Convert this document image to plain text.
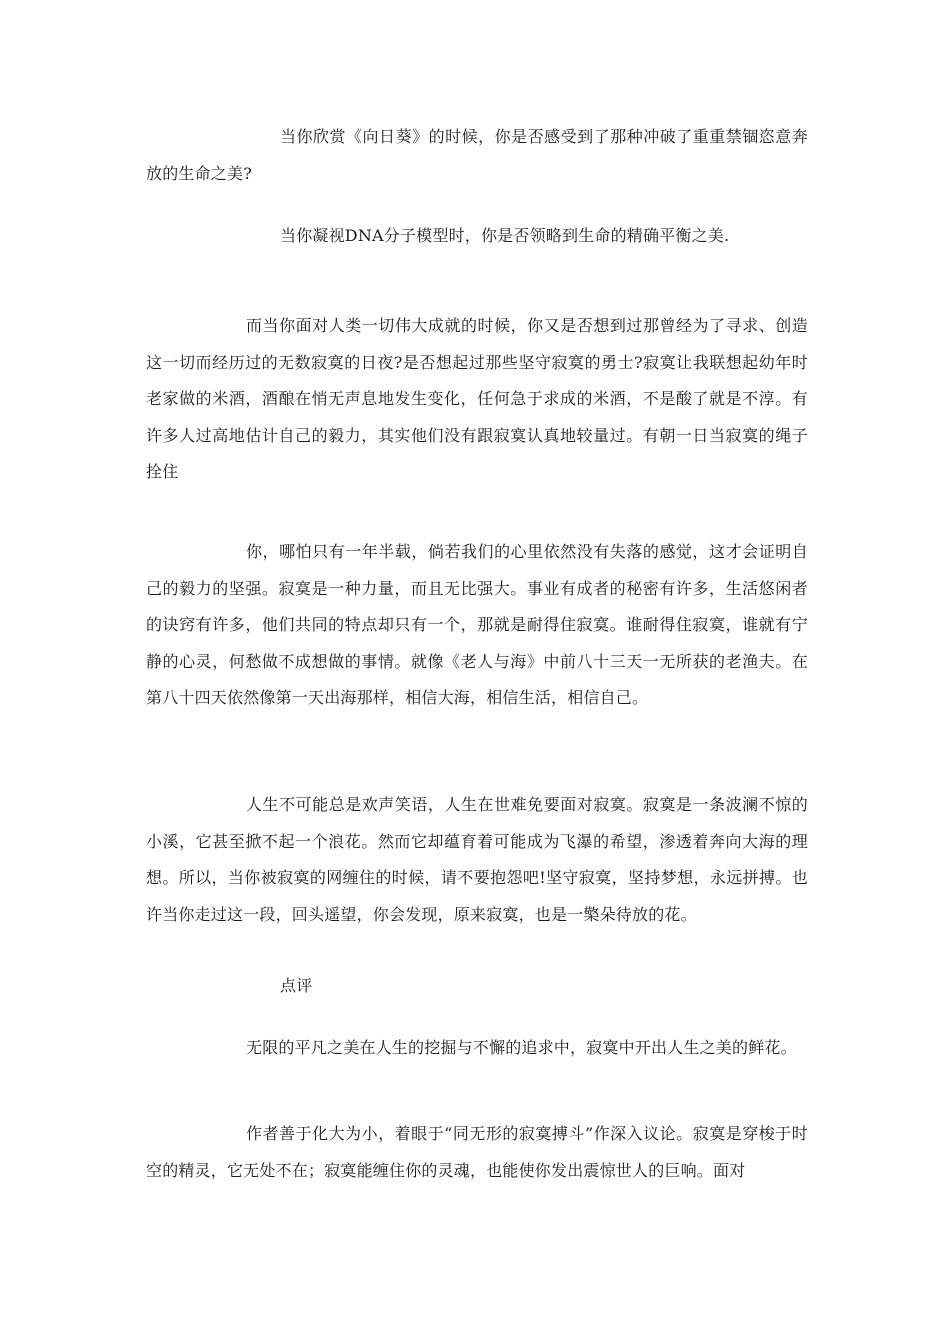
当你欣赏《向日葵》的时候，你是否感受到了那种冲破了重重禁锢恣意奔放的生命之美?

当你凝视DNA分子模型时，你是否领略到生命的精确平衡之美.

而当你面对人类一切伟大成就的时候，你又是否想到过那曾经为了寻求、创造这一切而经历过的无数寂寞的日夜?是否想起过那些坚守寂寞的勇士?寂寞让我联想起幼年时老家做的米酒，酒酿在悄无声息地发生变化，任何急于求成的米酒，不是酸了就是不淳。有许多人过高地估计自己的毅力，其实他们没有跟寂寞认真地较量过。有朝一日当寂寞的绳子拴住

你，哪怕只有一年半载，倘若我们的心里依然没有失落的感觉，这才会证明自己的毅力的坚强。寂寞是一种力量，而且无比强大。事业有成者的秘密有许多，生活悠闲者的诀窍有许多，他们共同的特点却只有一个，那就是耐得住寂寞。谁耐得住寂寞，谁就有宁静的心灵，何愁做不成想做的事情。就像《老人与海》中前八十三天一无所获的老渔夫。在第八十四天依然像第一天出海那样，相信大海，相信生活，相信自己。

人生不可能总是欢声笑语，人生在世难免要面对寂寞。寂寞是一条波澜不惊的小溪，它甚至掀不起一个浪花。然而它却蕴育着可能成为飞瀑的希望，渗透着奔向大海的理想。所以，当你被寂寞的网缠住的时候，请不要抱怨吧!坚守寂寞，坚持梦想，永远拼搏。也许当你走过这一段，回头遥望，你会发现，原来寂寞，也是一檠朵待放的花。

点评

无限的平凡之美在人生的挖掘与不懈的追求中，寂寞中开出人生之美的鲜花。

作者善于化大为小，着眼于“同无形的寂寞搏斗”作深入议论。寂寞是穿梭于时空的精灵，它无处不在；寂寞能缠住你的灵魂，也能使你发出震惊世人的巨响。面对
